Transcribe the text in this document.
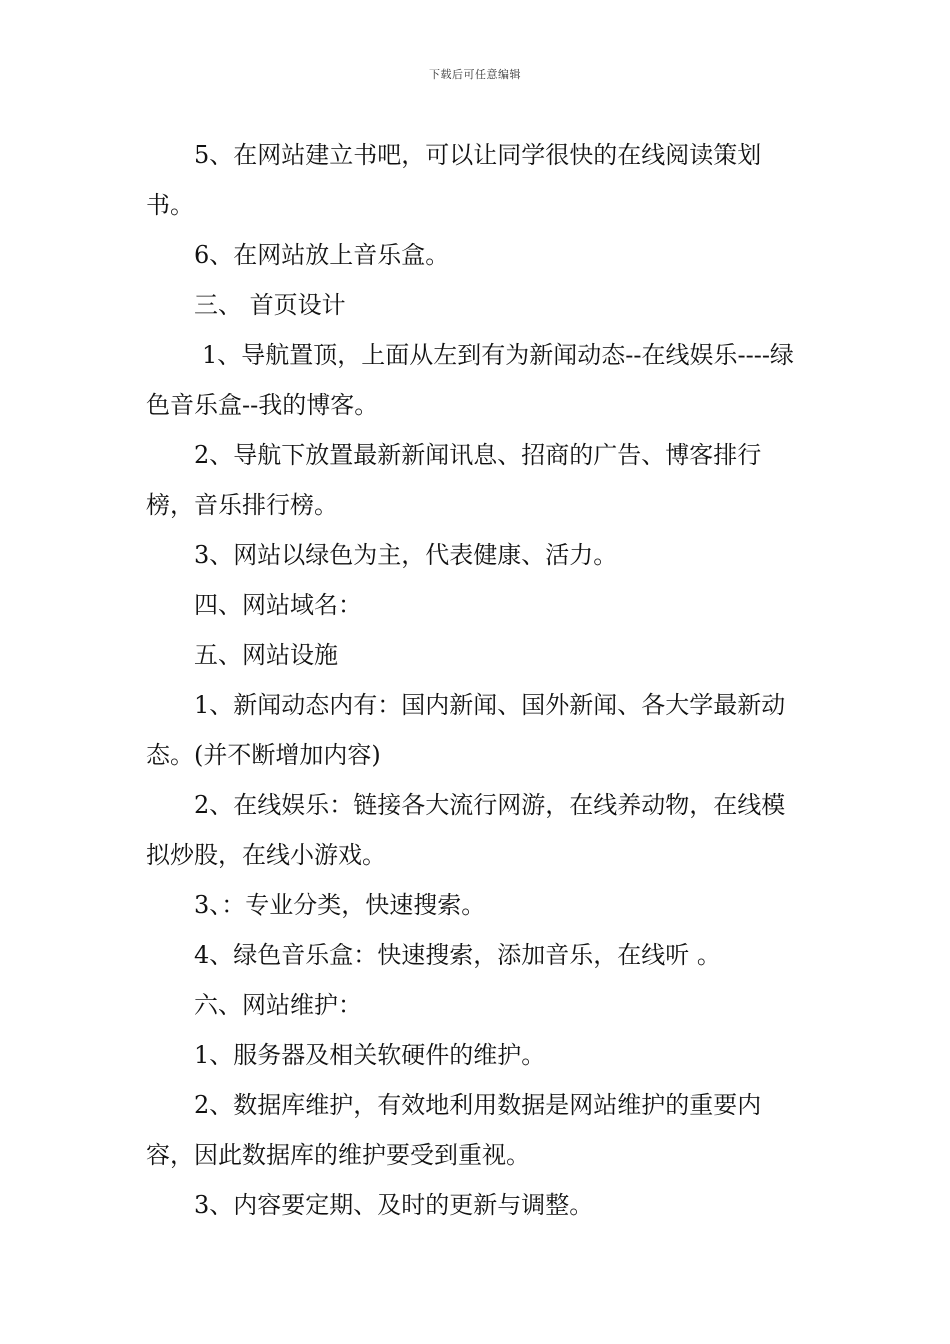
下载后可任意编辑

5、在网站建立书吧，可以让同学很快的在线阅读策划书。

6、在网站放上音乐盒。

三、 首页设计

1、导航置顶，上面从左到有为新闻动态--在线娱乐----绿色音乐盒--我的博客。

2、导航下放置最新新闻讯息、招商的广告、博客排行榜，音乐排行榜。

3、网站以绿色为主，代表健康、活力。

四、网站域名：

五、网站设施

1、新闻动态内有：国内新闻、国外新闻、各大学最新动态。(并不断增加内容)

2、在线娱乐：链接各大流行网游，在线养动物，在线模拟炒股，在线小游戏。

3、：专业分类，快速搜索。

4、绿色音乐盒：快速搜索，添加音乐，在线听 。

六、网站维护：

1、服务器及相关软硬件的维护。

2、数据库维护，有效地利用数据是网站维护的重要内容，因此数据库的维护要受到重视。

3、内容要定期、及时的更新与调整。
